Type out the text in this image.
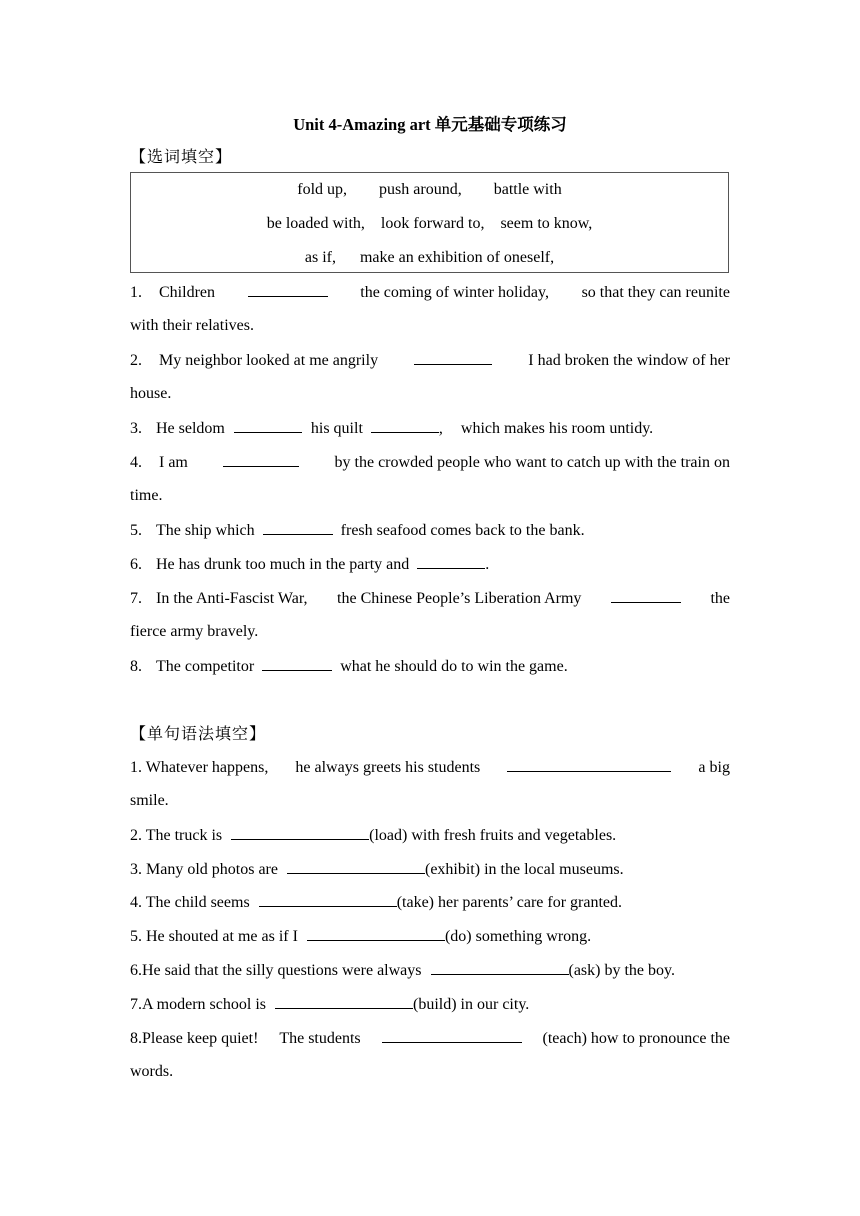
Unit 4-Amazing art 单元基础专项练习
【选词填空】
fold up,        push around,        battle with
be loaded with,    look forward to,    seem to know,
as if,      make an exhibition of oneself,
1. Children	the coming of winter holiday, so that they can reunite
with their relatives.
2. My neighbor looked at me angrily	I had broken the window of her
house.
3. He seldom	his quilt	, which makes his room untidy.
4. I am	by the crowded people who want to catch up with the train on
time.
5. The ship which	fresh seafood comes back to the bank.
6. He has drunk too much in the party and	.
7. In the Anti-Fascist War, the Chinese People’s Liberation Army	the
fierce army bravely.
8. The competitor	what he should do to win the game.
【单句语法填空】
1. Whatever happens, he always greets his students	a big
smile.
2. The truck is	(load) with fresh fruits and vegetables.
3. Many old photos are	(exhibit) in the local museums.
4. The child seems	(take) her parents’ care for granted.
5. He shouted at me as if I	(do) something wrong.
6.He said that the silly questions were always	(ask) by the boy.
7.A modern school is	(build) in our city.
8.Please keep quiet! The students	(teach) how to pronounce the
words.
